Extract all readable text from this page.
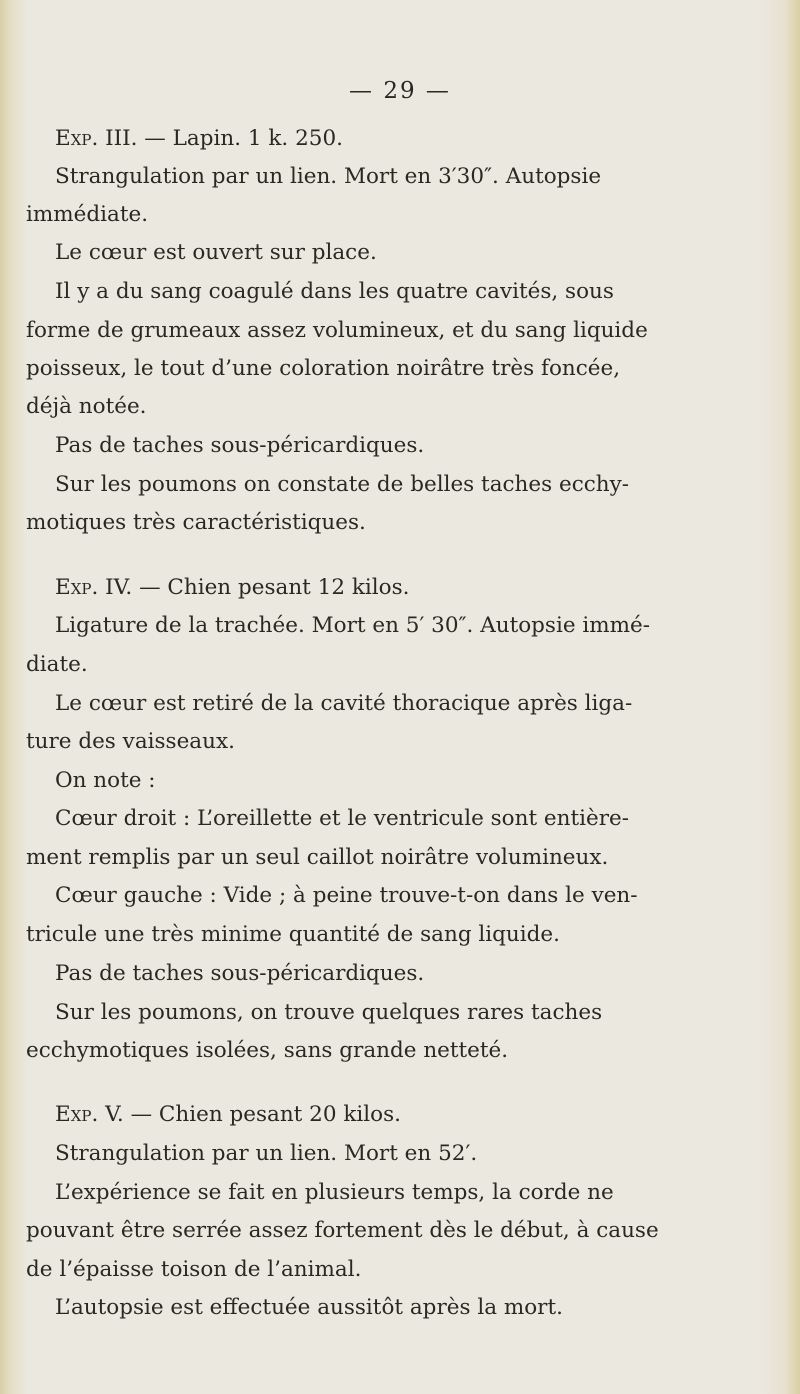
— 29 —
Exp. III. — Lapin. 1 k. 250.
Strangulation par un lien. Mort en 3′30″. Autopsie
immédiate.
Le cœur est ouvert sur place.
Il y a du sang coagulé dans les quatre cavités, sous
forme de grumeaux assez volumineux, et du sang liquide
poisseux, le tout d’une coloration noirâtre très foncée,
déjà notée.
Pas de taches sous-péricardiques.
Sur les poumons on constate de belles taches ecchy-
motiques très caractéristiques.
Exp. IV. — Chien pesant 12 kilos.
Ligature de la trachée. Mort en 5′ 30″. Autopsie immé-
diate.
Le cœur est retiré de la cavité thoracique après liga-
ture des vaisseaux.
On note :
Cœur droit : L’oreillette et le ventricule sont entière-
ment remplis par un seul caillot noirâtre volumineux.
Cœur gauche : Vide ; à peine trouve-t-on dans le ven-
tricule une très minime quantité de sang liquide.
Pas de taches sous-péricardiques.
Sur les poumons, on trouve quelques rares taches
ecchymotiques isolées, sans grande netteté.
Exp. V. — Chien pesant 20 kilos.
Strangulation par un lien. Mort en 52′.
L’expérience se fait en plusieurs temps, la corde ne
pouvant être serrée assez fortement dès le début, à cause
de l’épaisse toison de l’animal.
L’autopsie est effectuée aussitôt après la mort.
